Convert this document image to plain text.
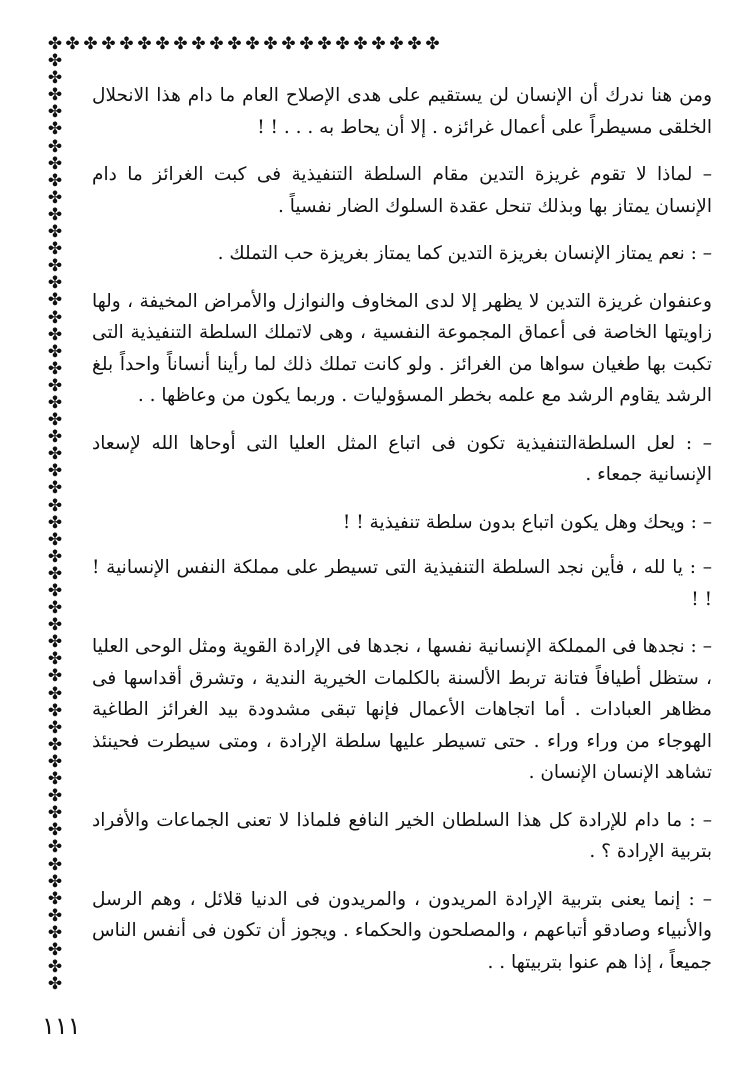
✤ ✤ ✤ ✤ ✤ ✤ ✤ ✤ ✤ ✤ ✤ ✤ ✤ ✤ ✤ ✤ ✤ ✤ ✤ ✤ ✤
✤
✤
✤
✤
✤
✤
✤
✤
✤
✤
✤
✤
✤
✤
✤
✤
✤
✤
✤
✤
✤
✤
✤
✤
✤
✤
✤
✤
✤
✤
✤
✤
✤
✤
✤
✤
✤
✤
✤
✤
✤
✤
✤
✤
✤
✤
✤
✤
✤
✤
✤
✤
✤
✤
✤
✤

ومن هنا ندرك أن الإنسان لن يستقيم على هدى الإصلاح العام ما دام هذا الانحلال الخلقى مسيطراً على أعمال غرائزه . إلا أن يحاط به . . . ! !

– لماذا لا تقوم غريزة التدين مقام السلطة التنفيذية فى كبت الغرائز ما دام الإنسان يمتاز بها وبذلك تنحل عقدة السلوك الضار نفسياً .

– : نعم يمتاز الإنسان بغريزة التدين كما يمتاز بغريزة حب التملك .

وعنفوان غريزة التدين لا يظهر إلا لدى المخاوف والنوازل والأمراض المخيفة ، ولها زاويتها الخاصة فى أعماق المجموعة النفسية ، وهى لاتملك السلطة التنفيذية التى تكبت بها طغيان سواها من الغرائز . ولو كانت تملك ذلك لما رأينا أنساناً واحداً بلغ الرشد يقاوم الرشد مع علمه بخطر المسؤوليات . وربما يكون من وعاظها . .

– : لعل السلطةالتنفيذية تكون فى اتباع المثل العليا التى أوحاها الله لإسعاد الإنسانية جمعاء .

– : ويحك وهل يكون اتباع بدون سلطة تنفيذية ! !

– : يا لله ، فأين نجد السلطة التنفيذية التى تسيطر على مملكة النفس الإنسانية ! ! !

– : نجدها فى المملكة الإنسانية نفسها ، نجدها فى الإرادة القوية ومثل الوحى العليا ، ستظل أطيافاً فتانة تربط الألسنة بالكلمات الخيرية الندية ، وتشرق أقداسها فى مظاهر العبادات . أما اتجاهات الأعمال فإنها تبقى مشدودة بيد الغرائز الطاغية الهوجاء من وراء وراء . حتى تسيطر عليها سلطة الإرادة ، ومتى سيطرت فحينئذ تشاهد الإنسان الإنسان .

– : ما دام للإرادة كل هذا السلطان الخير النافع فلماذا لا تعنى الجماعات والأفراد بتربية الإرادة ؟ .

– : إنما يعنى بتربية الإرادة المريدون ، والمريدون فى الدنيا قلائل ، وهم الرسل والأنبياء وصادقو أتباعهم ، والمصلحون والحكماء . ويجوز أن تكون فى أنفس الناس جميعاً ، إذا هم عنوا بتربيتها . .

١١١
